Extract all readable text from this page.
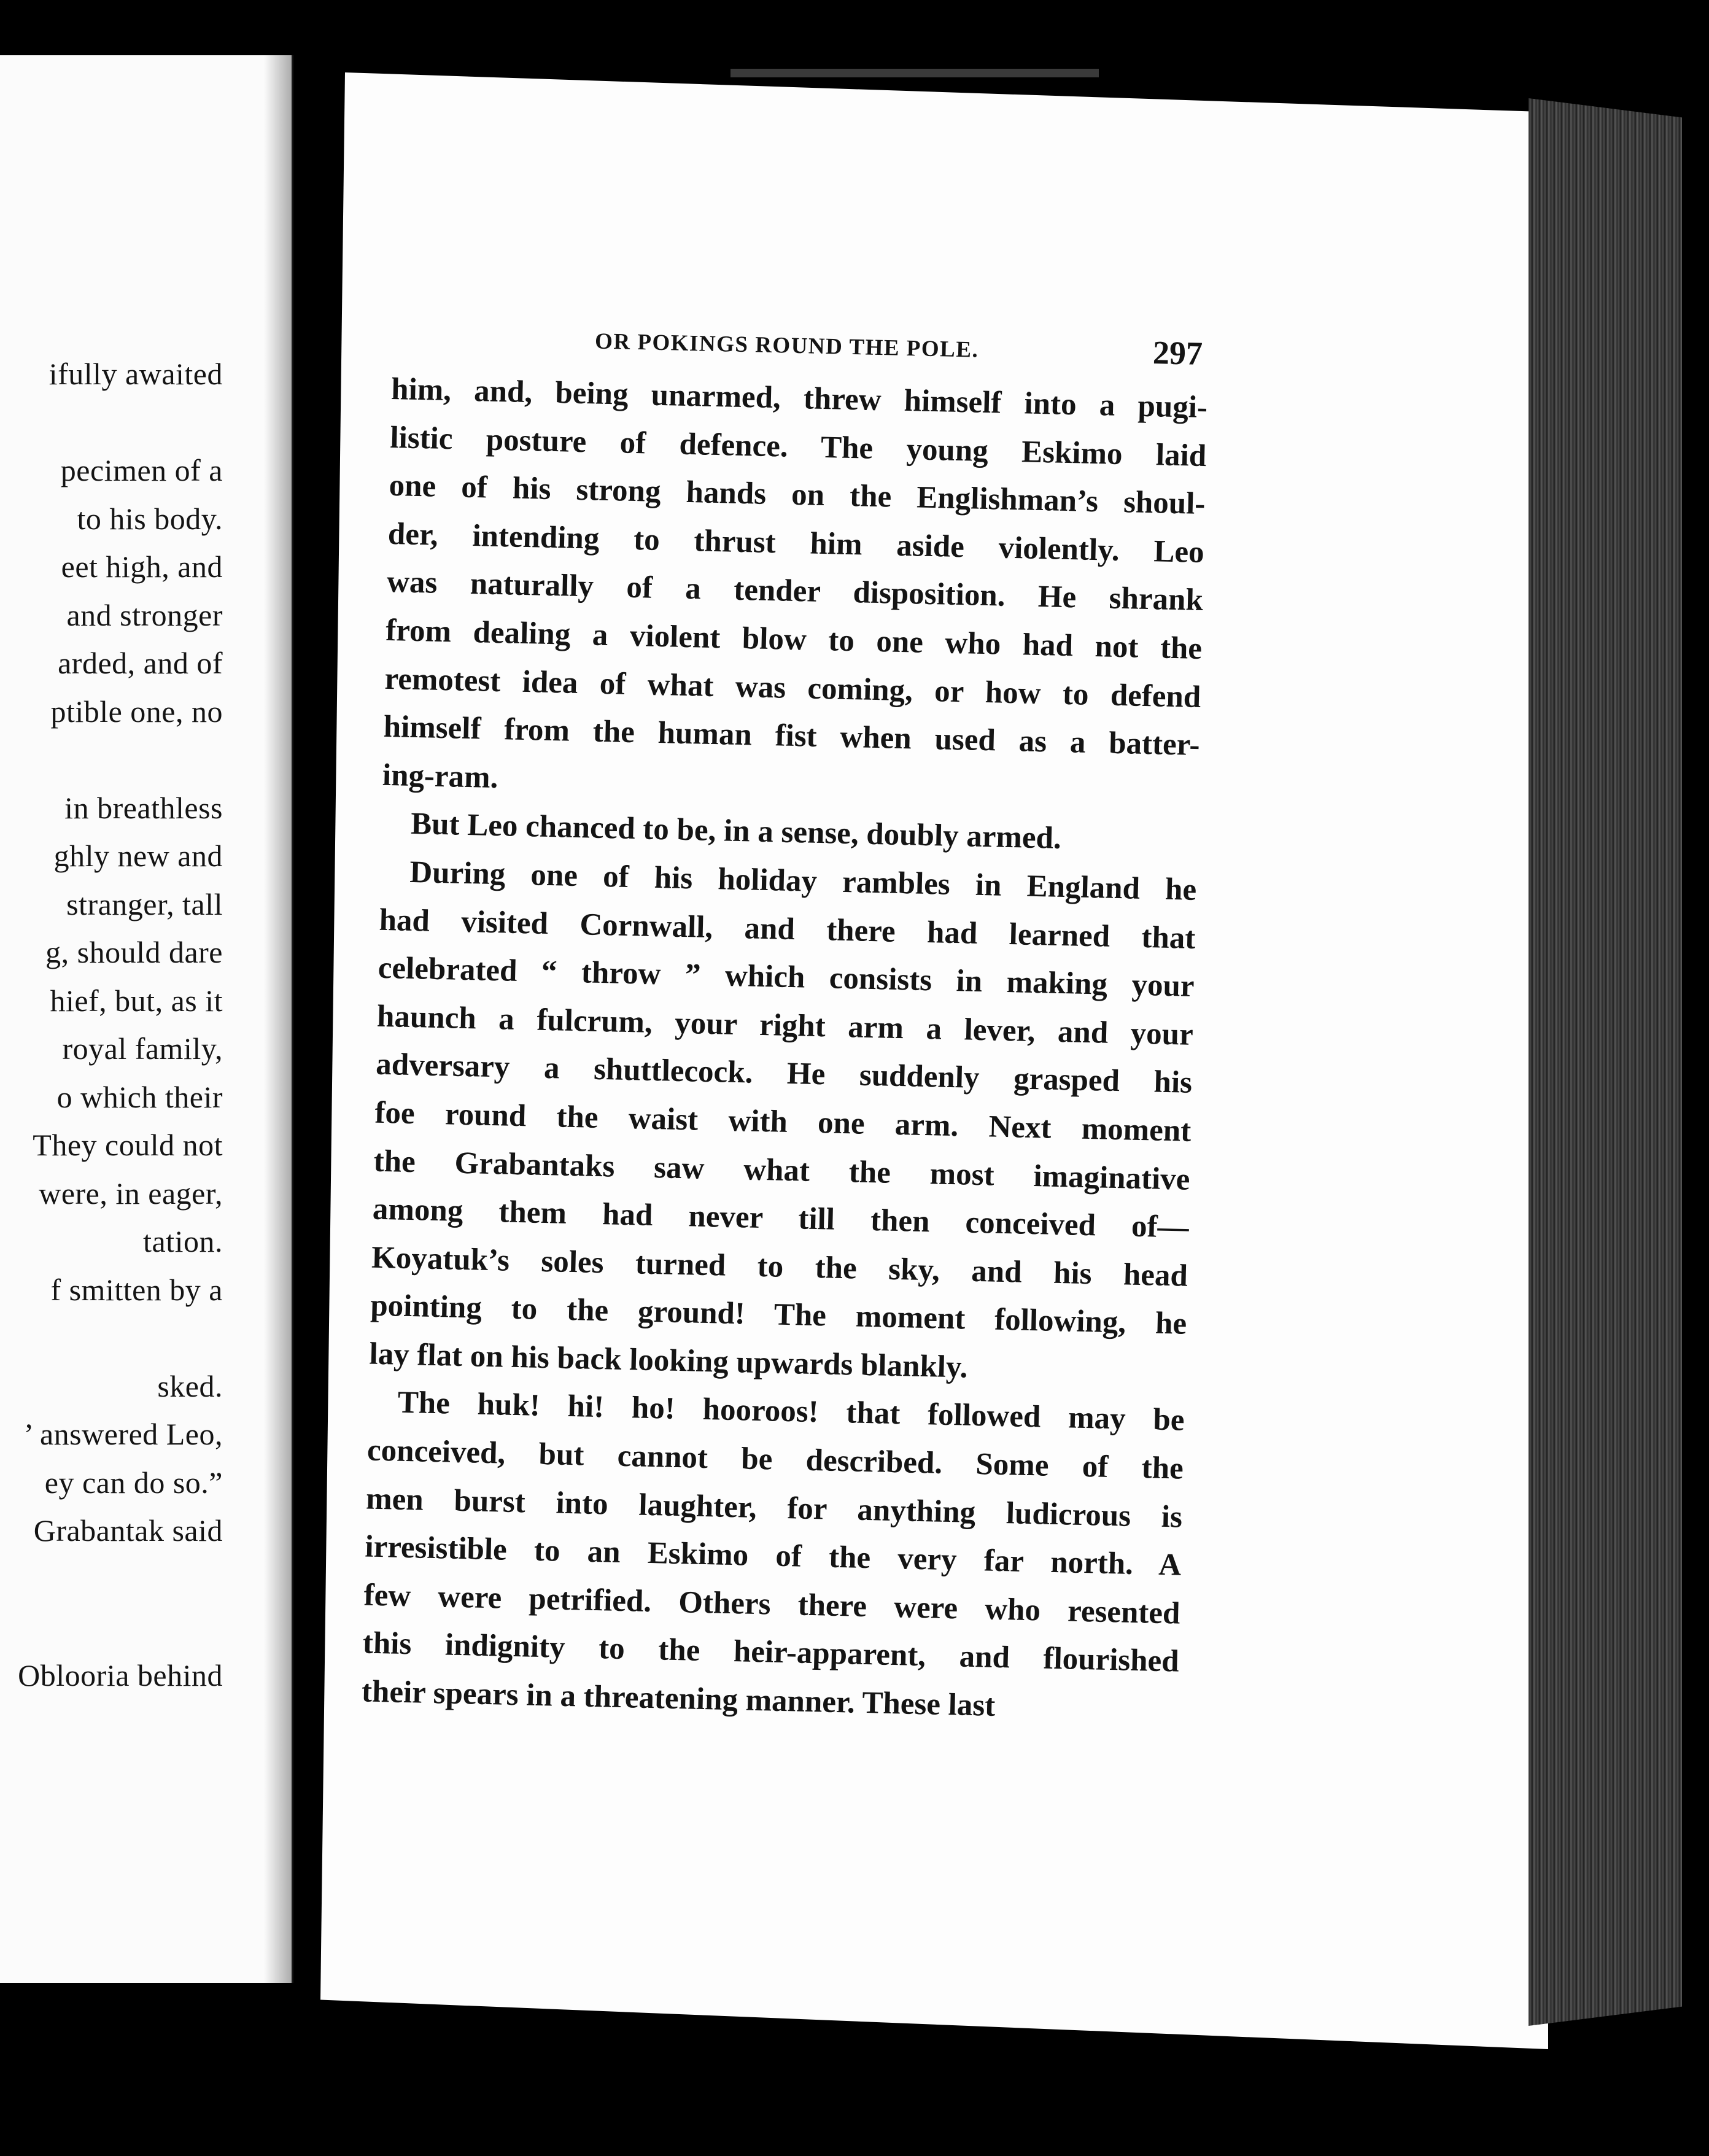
ifully awaited
pecimen of a
to his body.
eet high, and
and stronger
arded, and of
ptible one, no
in breathless
ghly new and
stranger, tall
g, should dare
hief, but, as it
royal family,
o which their
They could not
were, in eager,
tation.
f smitten by a
sked.
’ answered Leo,
ey can do so.”
Grabantak said
Oblooria behind
OR POKINGS ROUND THE POLE.	297
him, and, being unarmed, threw himself into a pugi-
listic posture of defence. The young Eskimo laid
one of his strong hands on the Englishman’s shoul-
der, intending to thrust him aside violently. Leo
was naturally of a tender disposition. He shrank
from dealing a violent blow to one who had not the
remotest idea of what was coming, or how to defend
himself from the human fist when used as a batter-
ing-ram.
But Leo chanced to be, in a sense, doubly armed.
During one of his holiday rambles in England he
had visited Cornwall, and there had learned that
celebrated “ throw ” which consists in making your
haunch a fulcrum, your right arm a lever, and your
adversary a shuttlecock. He suddenly grasped his
foe round the waist with one arm. Next moment
the Grabantaks saw what the most imaginative
among them had never till then conceived of—
Koyatuk’s soles turned to the sky, and his head
pointing to the ground! The moment following, he
lay flat on his back looking upwards blankly.
The huk! hi! ho! hooroos! that followed may be
conceived, but cannot be described. Some of the
men burst into laughter, for anything ludicrous is
irresistible to an Eskimo of the very far north. A
few were petrified. Others there were who resented
this indignity to the heir-apparent, and flourished
their spears in a threatening manner. These last
